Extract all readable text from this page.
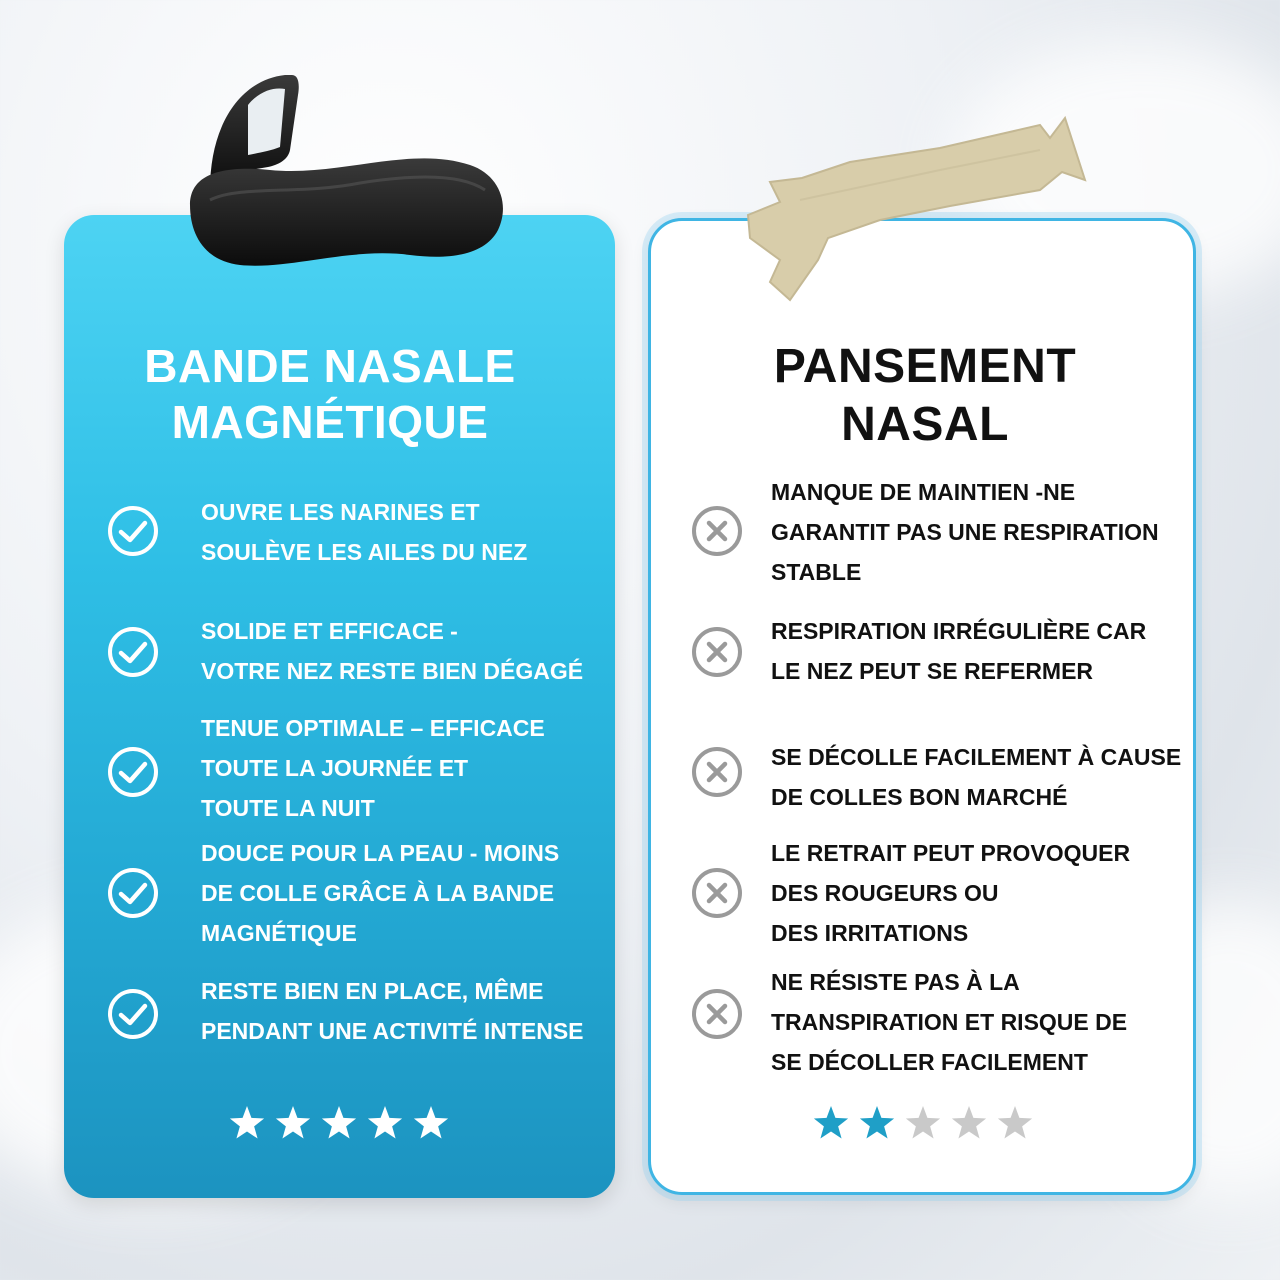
BANDE NASALE
MAGNÉTIQUE
OUVRE LES NARINES ET
SOULÈVE LES AILES DU NEZ
SOLIDE ET EFFICACE -
VOTRE NEZ RESTE BIEN DÉGAGÉ
TENUE OPTIMALE – EFFICACE
TOUTE LA JOURNÉE ET
TOUTE LA NUIT
DOUCE POUR LA PEAU - MOINS
DE COLLE GRÂCE À LA BANDE
MAGNÉTIQUE
RESTE BIEN EN PLACE, MÊME
PENDANT UNE ACTIVITÉ INTENSE
PANSEMENT
NASAL
MANQUE DE MAINTIEN -NE
GARANTIT PAS UNE RESPIRATION
STABLE
RESPIRATION IRRÉGULIÈRE CAR
LE NEZ PEUT SE REFERMER
SE DÉCOLLE FACILEMENT À CAUSE
DE COLLES BON MARCHÉ
LE RETRAIT PEUT PROVOQUER
DES ROUGEURS OU
DES IRRITATIONS
NE RÉSISTE PAS À LA
TRANSPIRATION ET RISQUE DE
SE DÉCOLLER FACILEMENT
